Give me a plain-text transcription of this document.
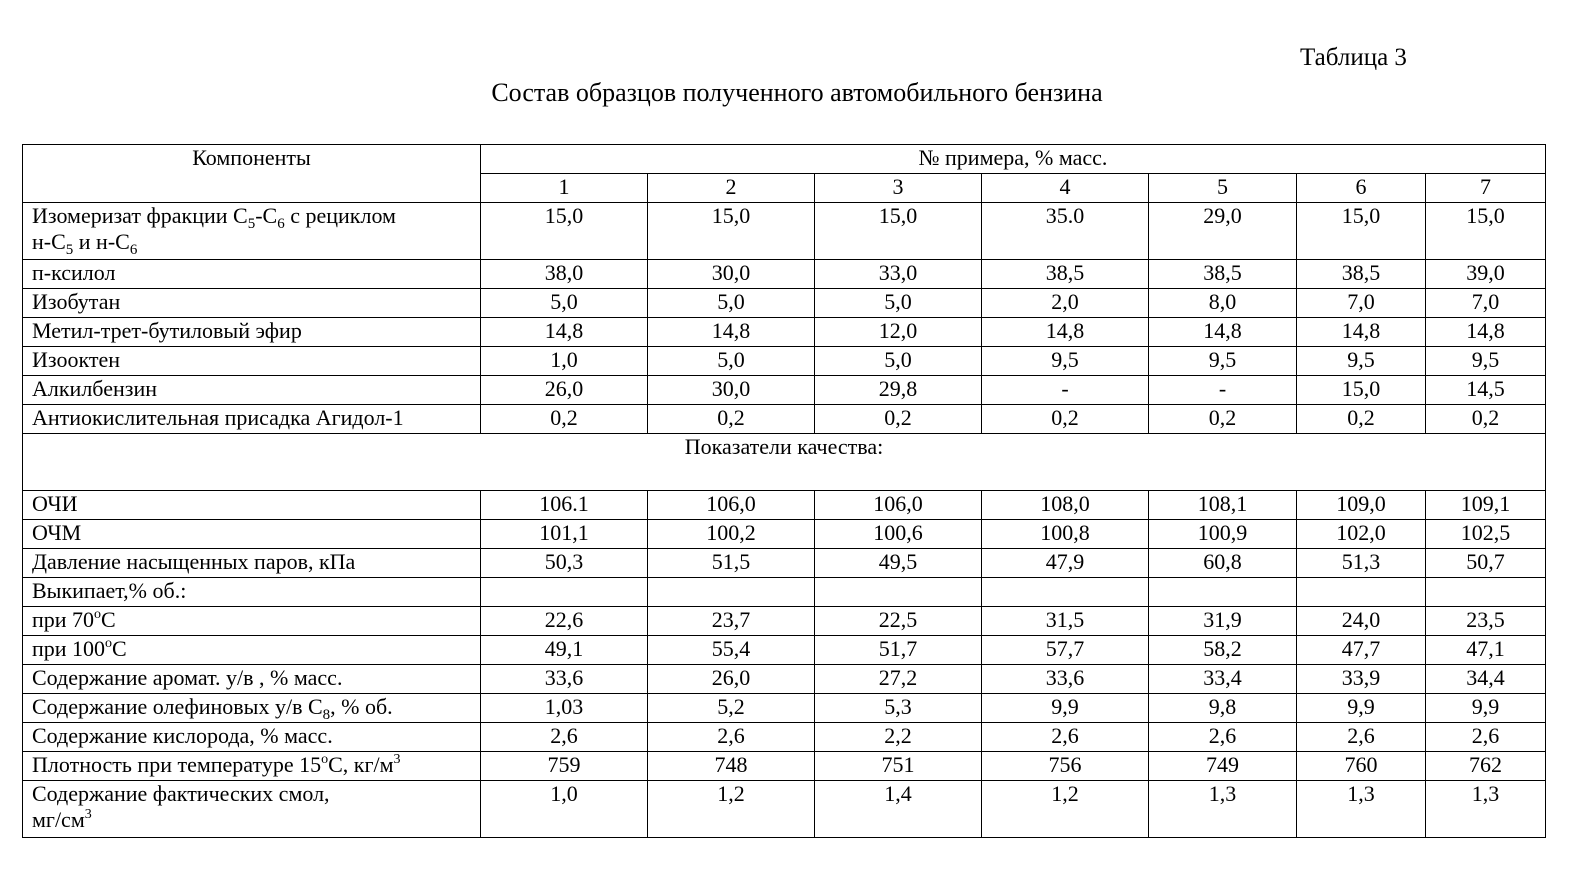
Таблица 3
Состав образцов полученного автомобильного бензина
Компоненты	№ примера, % масс.						
	1	2	3	4	5	6	7
Изомеризат фракции $С_5-С_6$ с рециклом
$н-С_5$ и $н-С_6$	15,0	15,0	15,0	35.0	29,0	15,0	15,0
п-ксилол	38,0	30,0	33,0	38,5	38,5	38,5	39,0
Изобутан	5,0	5,0	5,0	2,0	8,0	7,0	7,0
Метил-трет-бутиловый эфир	14,8	14,8	12,0	14,8	14,8	14,8	14,8
Изооктен	1,0	5,0	5,0	9,5	9,5	9,5	9,5
Алкилбензин	26,0	30,0	29,8	-	-	15,0	14,5
Антиокислительная присадка Агидол-1	0,2	0,2	0,2	0,2	0,2	0,2	0,2
Показатели качества:							
ОЧИ	106.1	106,0	106,0	108,0	108,1	109,0	109,1
ОЧМ	101,1	100,2	100,6	100,8	100,9	102,0	102,5
Давление насыщенных паров, кПа	50,3	51,5	49,5	47,9	60,8	51,3	50,7
Выкипает,% об.:							
при $70^оС$	22,6	23,7	22,5	31,5	31,9	24,0	23,5
при $100^оС$	49,1	55,4	51,7	57,7	58,2	47,7	47,1
Содержание аромат. у/в , % масс.	33,6	26,0	27,2	33,6	33,4	33,9	34,4
Содержание олефиновых у/в $С_8$, % об.	1,03	5,2	5,3	9,9	9,8	9,9	9,9
Содержание кислорода, % масс.	2,6	2,6	2,2	2,6	2,6	2,6	2,6
Плотность при температуре $15^оС$, $кг/м^3$	759	748	751	756	749	760	762
Содержание фактических смол,
$мг/см^3$	1,0	1,2	1,4	1,2	1,3	1,3	1,3
